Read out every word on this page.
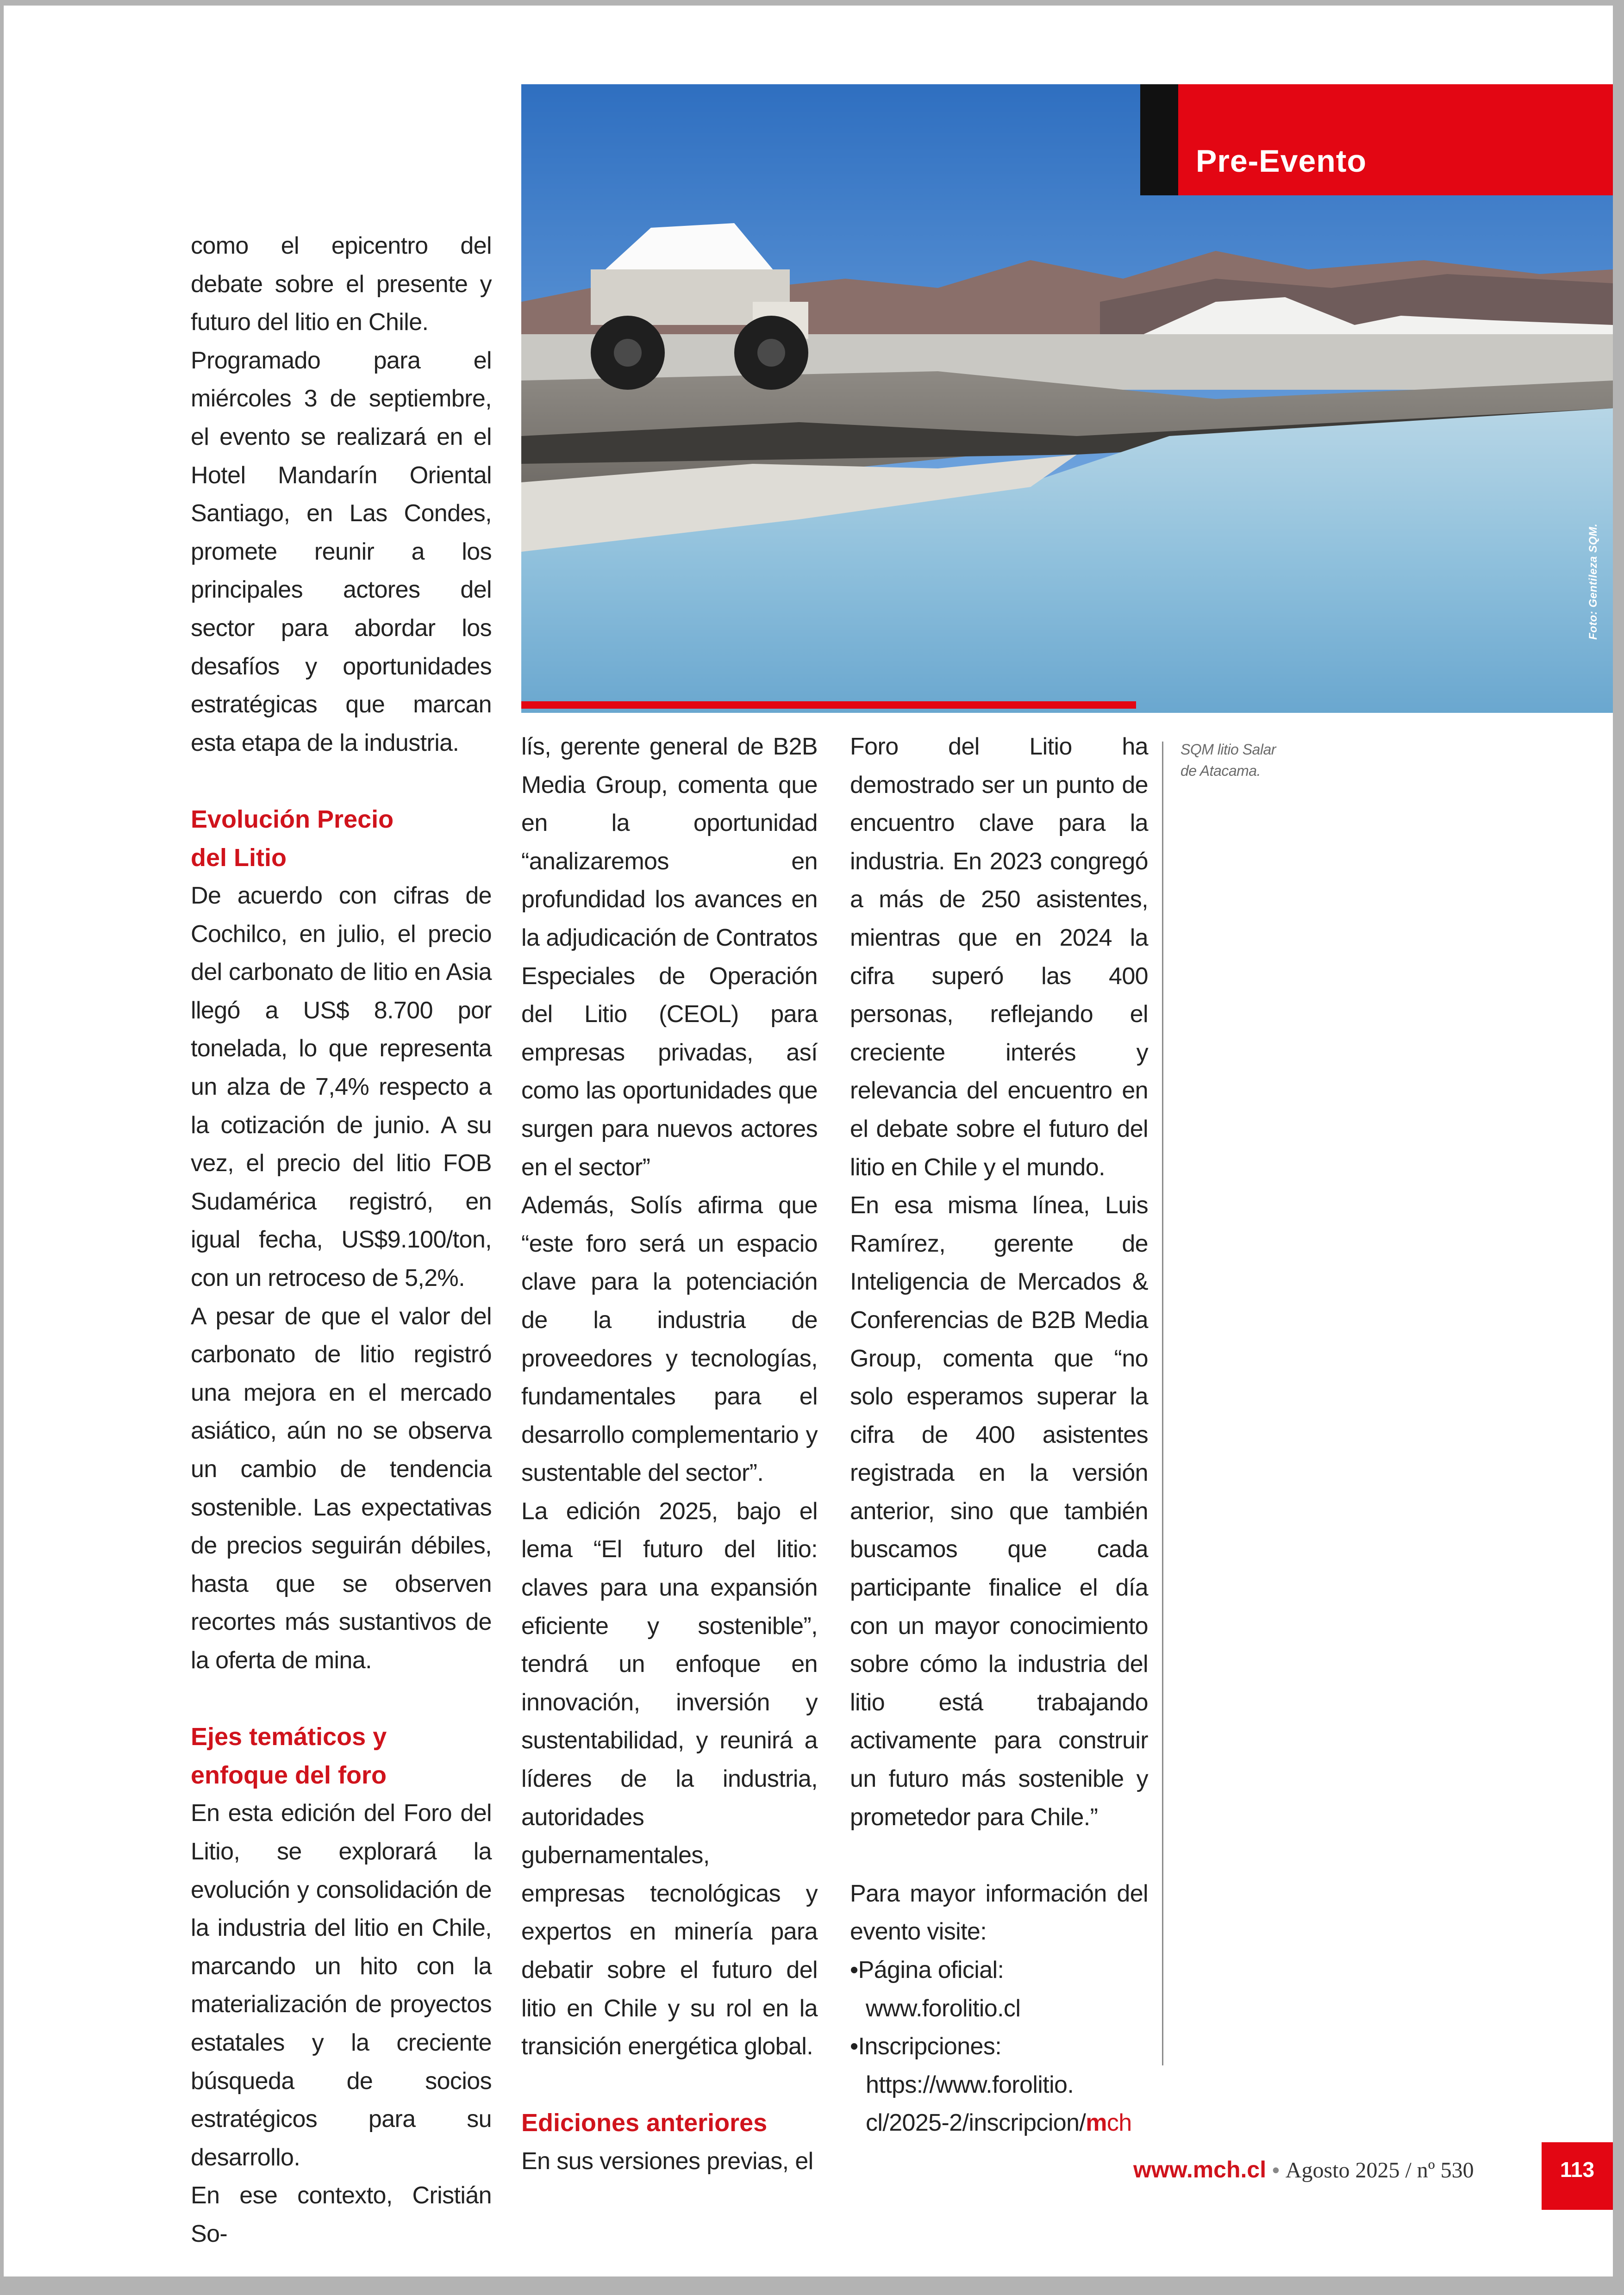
Foto: Gentileza SQM.
Pre-Evento

como el epicentro del debate sobre el presente y futuro del litio en Chile.

Programado para el miércoles 3 de septiembre, el evento se realizará en el Hotel Mandarín Oriental Santiago, en Las Condes, promete reunir a los principales actores del sector para abordar los desafíos y oportunidades estratégicas que marcan esta etapa de la industria.

Evolución Precio
del Litio

De acuerdo con cifras de Cochilco, en julio, el precio del carbonato de litio en Asia llegó a US$ 8.700 por tonelada, lo que representa un alza de 7,4% respecto a la cotización de junio. A su vez, el precio del litio FOB Sudamérica registró, en igual fecha, US$9.100/ton, con un retroceso de 5,2%.

A pesar de que el valor del carbonato de litio registró una mejora en el mercado asiático, aún no se observa un cambio de tendencia sostenible. Las expectativas de precios seguirán débiles, hasta que se observen recortes más sustantivos de la oferta de mina.

Ejes temáticos y
enfoque del foro

En esta edición del Foro del Litio, se explorará la evolución y consolidación de la industria del litio en Chile, marcando un hito con la materialización de proyectos estatales y la creciente búsqueda de socios estratégicos para su desarrollo.

En ese contexto, Cristián So-

lís, gerente general de B2B Media Group, comenta que en la oportunidad “analizaremos en profundidad los avances en la adjudicación de Contratos Especiales de Operación del Litio (CEOL) para empresas privadas, así como las oportunidades que surgen para nuevos actores en el sector”

Además, Solís afirma que “este foro será un espacio clave para la potenciación de la industria de proveedores y tecnologías, fundamentales para el desarrollo complementario y sustentable del sector”.

La edición 2025, bajo el lema “El futuro del litio: claves para una expansión eficiente y sostenible”, tendrá un enfoque en innovación, inversión y sustentabilidad, y reunirá a líderes de la industria, autoridades gubernamentales, empresas tecnológicas y expertos en minería para debatir sobre el futuro del litio en Chile y su rol en la transición energética global.

Ediciones anteriores

En sus versiones previas, el

Foro del Litio ha demostrado ser un punto de encuentro clave para la industria. En 2023 congregó a más de 250 asistentes, mientras que en 2024 la cifra superó las 400 personas, reflejando el creciente interés y relevancia del encuentro en el debate sobre el futuro del litio en Chile y el mundo.

En esa misma línea, Luis Ramírez, gerente de Inteligencia de Mercados & Conferencias de B2B Media Group, comenta que “no solo esperamos superar la cifra de 400 asistentes registrada en la versión anterior, sino que también buscamos que cada participante finalice el día con un mayor conocimiento sobre cómo la industria del litio está trabajando activamente para construir un futuro más sostenible y prometedor para Chile.”

Para mayor información del evento visite:

•Página oficial:
www.forolitio.cl

•Inscripciones:
https://www.forolitio. cl/2025-2/inscripcion/mch

SQM litio Salar de Atacama.
www.mch.cl • Agosto 2025 / nº 530	113
